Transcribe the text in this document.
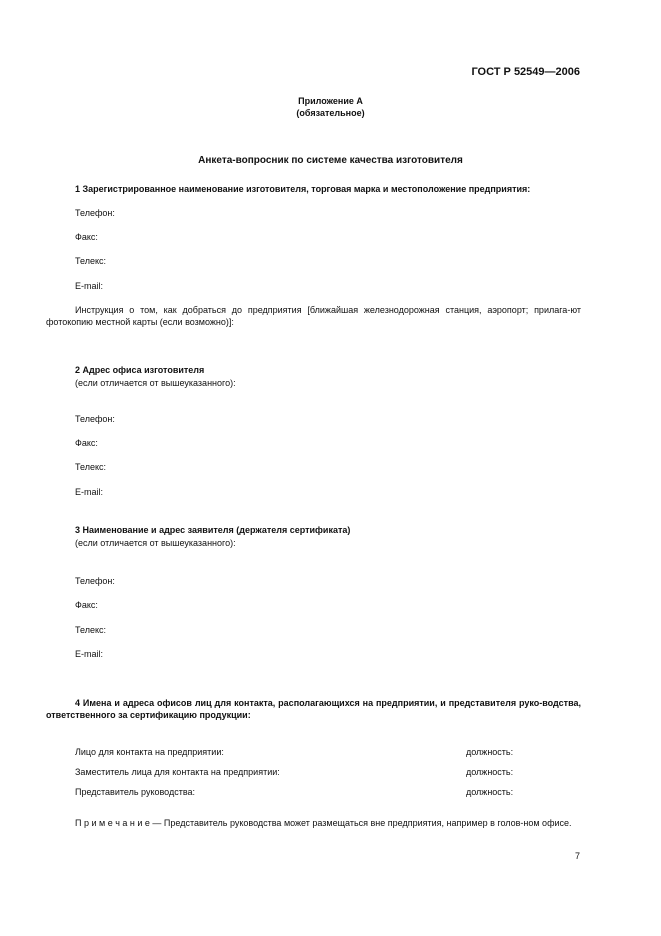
ГОСТ Р 52549—2006
Приложение А
(обязательное)
Анкета-вопросник по системе качества изготовителя
1 Зарегистрированное наименование изготовителя, торговая марка и местоположение предприятия:
Телефон:
Факс:
Телекс:
E-mail:
Инструкция о том, как добраться до предприятия [ближайшая железнодорожная станция, аэропорт; прилага-ют фотокопию местной карты (если возможно)]:
2 Адрес офиса изготовителя
(если отличается от вышеуказанного):
Телефон:
Факс:
Телекс:
E-mail:
3 Наименование и адрес заявителя (держателя сертификата)
(если отличается от вышеуказанного):
Телефон:
Факс:
Телекс:
E-mail:
4 Имена и адреса офисов лиц для контакта, располагающихся на предприятии, и представителя руко-водства, ответственного за сертификацию продукции:
Лицо для контакта на предприятии:	должность:
Заместитель лица для контакта на предприятии:	должность:
Представитель руководства:	должность:
П р и м е ч а н и е — Представитель руководства может размещаться вне предприятия, например в голов-ном офисе.
7
